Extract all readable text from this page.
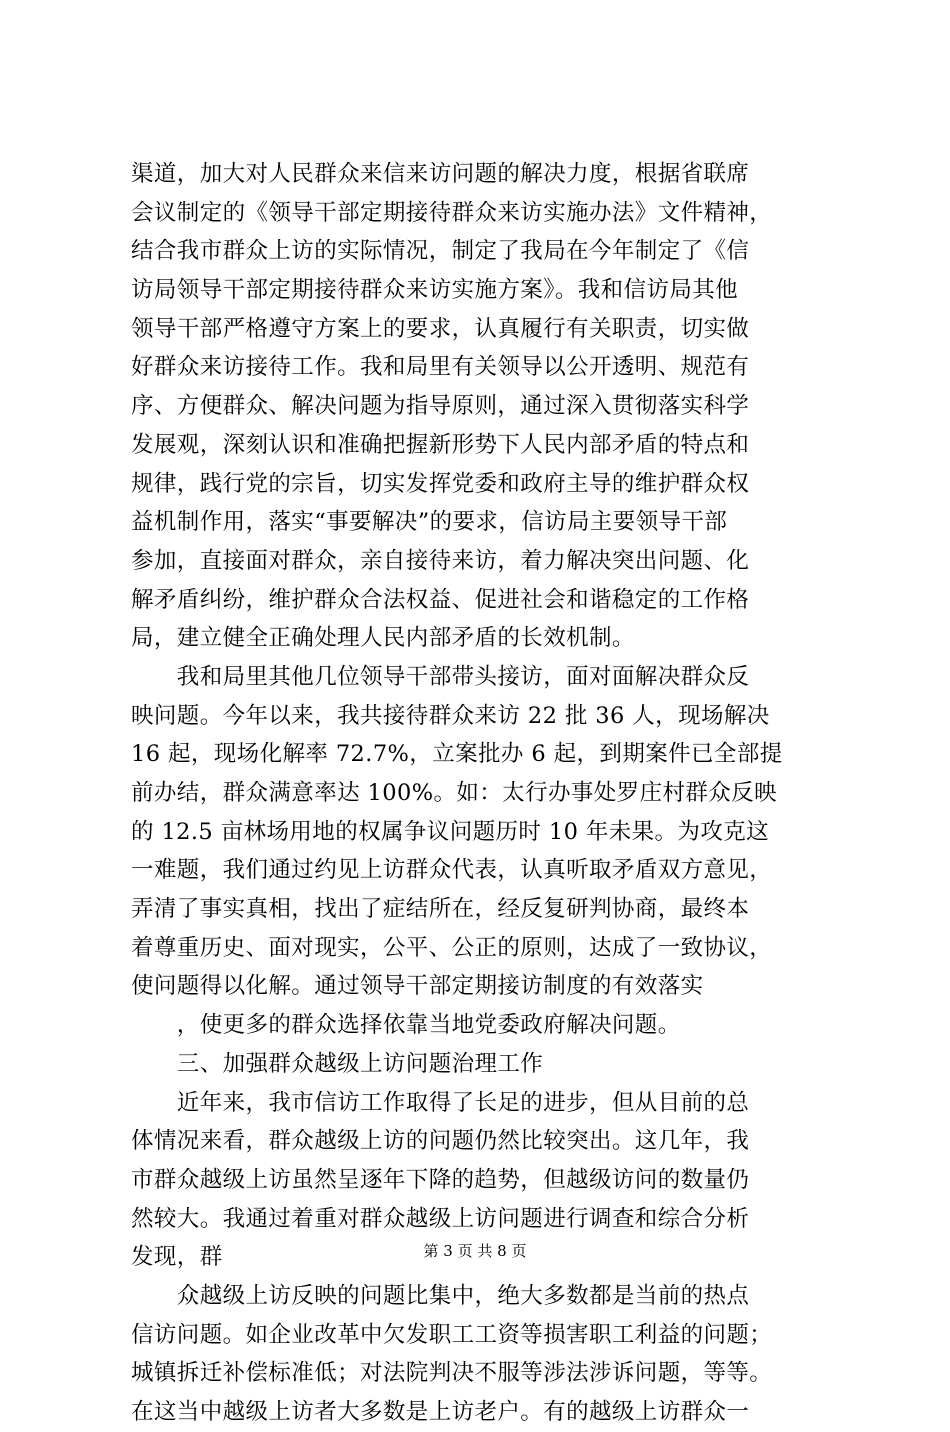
渠道，加大对人民群众来信来访问题的解决力度，根据省联席
会议制定的《领导干部定期接待群众来访实施办法》文件精神，
结合我市群众上访的实际情况，制定了我局在今年制定了《信
访局领导干部定期接待群众来访实施方案》。我和信访局其他
领导干部严格遵守方案上的要求，认真履行有关职责，切实做
好群众来访接待工作。我和局里有关领导以公开透明、规范有
序、方便群众、解决问题为指导原则，通过深入贯彻落实科学
发展观，深刻认识和准确把握新形势下人民内部矛盾的特点和
规律，践行党的宗旨，切实发挥党委和政府主导的维护群众权
益机制作用，落实“事要解决”的要求，信访局主要领导干部
参加，直接面对群众，亲自接待来访，着力解决突出问题、化
解矛盾纠纷，维护群众合法权益、促进社会和谐稳定的工作格
局，建立健全正确处理人民内部矛盾的长效机制。
　　我和局里其他几位领导干部带头接访，面对面解决群众反
映问题。今年以来，我共接待群众来访 22 批 36 人，现场解决
16 起，现场化解率 72.7%，立案批办 6 起，到期案件已全部提
前办结，群众满意率达 100%。如：太行办事处罗庄村群众反映
的 12.5 亩林场用地的权属争议问题历时 10 年未果。为攻克这
一难题，我们通过约见上访群众代表，认真听取矛盾双方意见，
弄清了事实真相，找出了症结所在，经反复研判协商，最终本
着尊重历史、面对现实，公平、公正的原则，达成了一致协议，
使问题得以化解。通过领导干部定期接访制度的有效落实
　　，使更多的群众选择依靠当地党委政府解决问题。
　　三、加强群众越级上访问题治理工作
　　近年来，我市信访工作取得了长足的进步，但从目前的总
体情况来看，群众越级上访的问题仍然比较突出。这几年，我
市群众越级上访虽然呈逐年下降的趋势，但越级访问的数量仍
然较大。我通过着重对群众越级上访问题进行调查和综合分析
发现，群
　　众越级上访反映的问题比集中，绝大多数都是当前的热点
信访问题。如企业改革中欠发职工工资等损害职工利益的问题；
城镇拆迁补偿标准低；对法院判决不服等涉法涉诉问题，等等。
在这当中越级上访者大多数是上访老户。有的越级上访群众一
第 3 页 共 8 页
